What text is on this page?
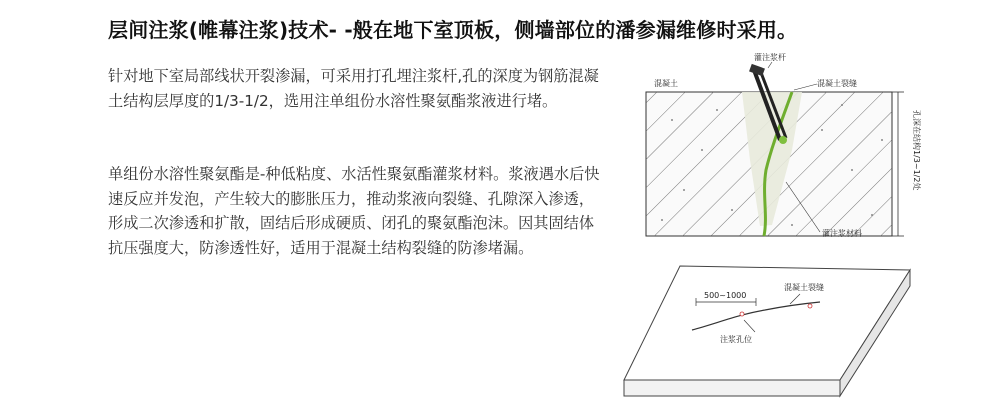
层间注浆(帷幕注浆)技术- -般在地下室顶板，侧墙部位的潘参漏维修时采用。
针对地下室局部线状开裂渗漏，可采用打孔埋注浆杆,孔的深度为钢筋混凝土结构层厚度的1/3-1/2，选用注单组份水溶性聚氨酯浆液进行堵。
单组份水溶性聚氨酯是-种低粘度、水活性聚氨酯灌浆材料。浆液遇水后快速反应并发泡，产生较大的膨胀压力，推动浆液向裂缝、孔隙深入渗透，形成二次渗透和扩散，固结后形成硬质、闭孔的聚氨酯泡沫。因其固结体抗压强度大，防渗透性好，适用于混凝土结构裂缝的防渗堵漏。
灌注浆杆
混凝土	混凝土裂缝
灌注浆材料
孔深在结构1/3~1/2处
500~1000
混凝土裂缝
注浆孔位
